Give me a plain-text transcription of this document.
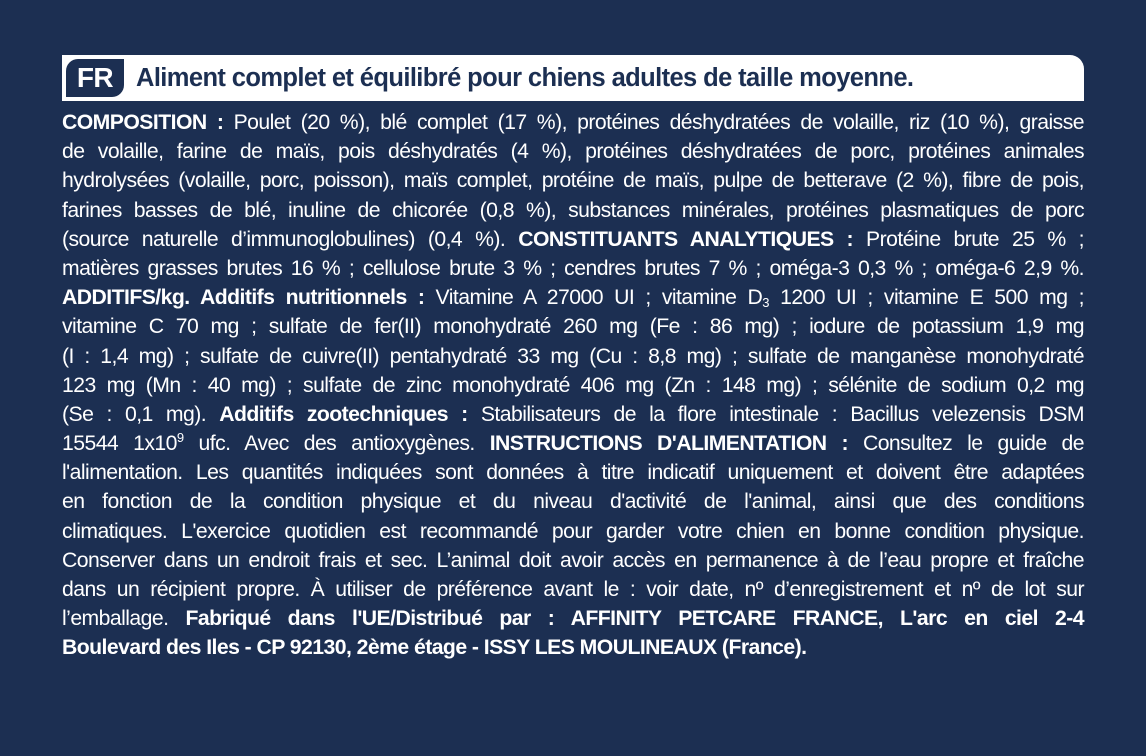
FR Aliment complet et équilibré pour chiens adultes de taille moyenne.
COMPOSITION : Poulet (20 %), blé complet (17 %), protéines déshydratées de volaille, riz (10 %), graisse
de volaille, farine de maïs, pois déshydratés (4 %), protéines déshydratées de porc, protéines animales
hydrolysées (volaille, porc, poisson), maïs complet, protéine de maïs, pulpe de betterave (2 %), fibre de pois,
farines basses de blé, inuline de chicorée (0,8 %), substances minérales, protéines plasmatiques de porc
(source naturelle d’immunoglobulines) (0,4 %). CONSTITUANTS ANALYTIQUES : Protéine brute 25 % ;
matières grasses brutes 16 % ; cellulose brute 3 % ; cendres brutes 7 % ; oméga-3 0,3 % ; oméga-6 2,9 %.
ADDITIFS/kg. Additifs nutritionnels : Vitamine A 27000 UI ; vitamine $D_3$ 1200 UI ; vitamine E 500 mg ;
vitamine C 70 mg ; sulfate de fer(II) monohydraté 260 mg (Fe : 86 mg) ; iodure de potassium 1,9 mg
(I : 1,4 mg) ; sulfate de cuivre(II) pentahydraté 33 mg (Cu : 8,8 mg) ; sulfate de manganèse monohydraté
123 mg (Mn : 40 mg) ; sulfate de zinc monohydraté 406 mg (Zn : 148 mg) ; sélénite de sodium 0,2 mg
(Se : 0,1 mg). Additifs zootechniques : Stabilisateurs de la flore intestinale : Bacillus velezensis DSM
15544 $1x10^9$ ufc. Avec des antioxygènes. INSTRUCTIONS D'ALIMENTATION : Consultez le guide de
l'alimentation. Les quantités indiquées sont données à titre indicatif uniquement et doivent être adaptées
en fonction de la condition physique et du niveau d'activité de l'animal, ainsi que des conditions
climatiques. L'exercice quotidien est recommandé pour garder votre chien en bonne condition physique.
Conserver dans un endroit frais et sec. L’animal doit avoir accès en permanence à de l’eau propre et fraîche
dans un récipient propre. À utiliser de préférence avant le : voir date, nº d’enregistrement et nº de lot sur
l’emballage. Fabriqué dans l'UE/Distribué par : AFFINITY PETCARE FRANCE, L'arc en ciel 2-4
Boulevard des Iles - CP 92130, 2ème étage - ISSY LES MOULINEAUX (France).
